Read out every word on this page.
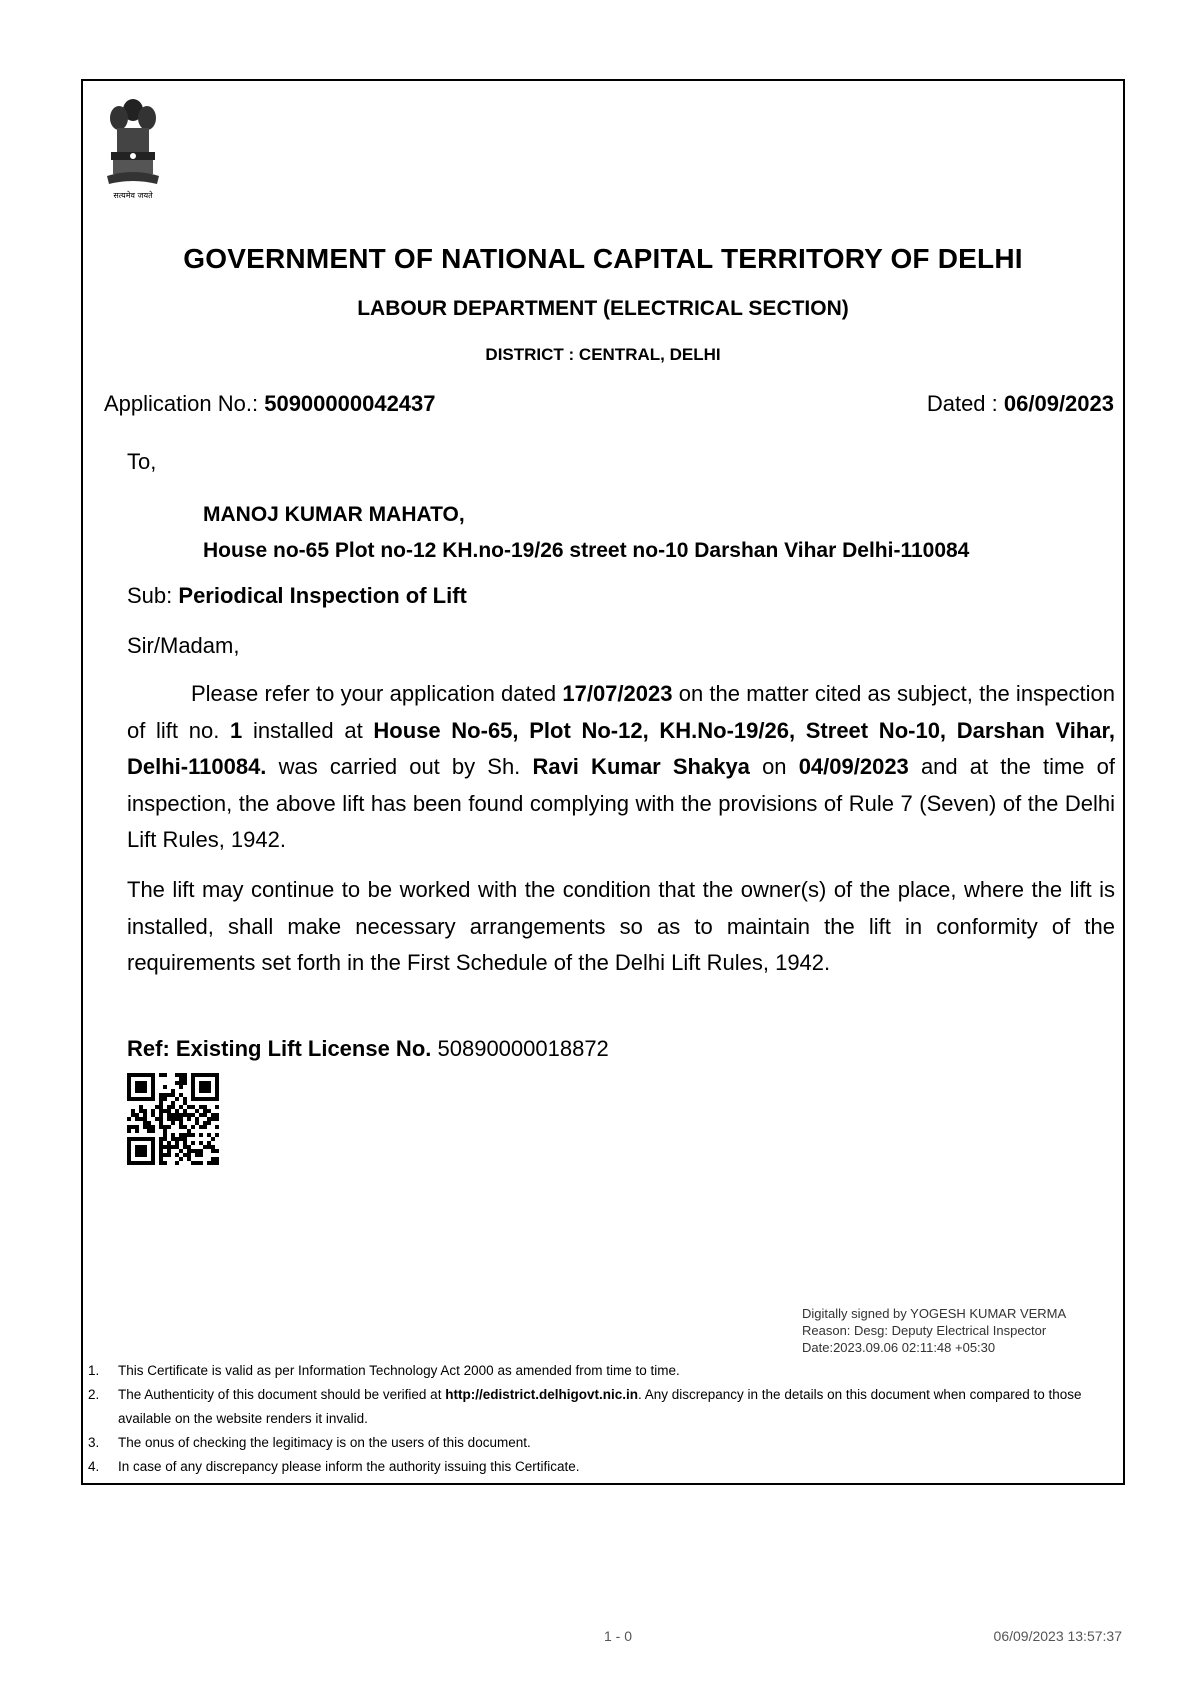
सत्यमेव जयते
GOVERNMENT OF NATIONAL CAPITAL TERRITORY OF DELHI
LABOUR DEPARTMENT (ELECTRICAL SECTION)
DISTRICT : CENTRAL, DELHI
Application No.: 50900000042437	Dated : 06/09/2023
To,
MANOJ KUMAR MAHATO,
House no-65 Plot no-12 KH.no-19/26 street no-10 Darshan Vihar Delhi-110084
Sub: Periodical Inspection of Lift
Sir/Madam,
Please refer to your application dated 17/07/2023 on the matter cited as subject, the inspection of lift no. 1 installed at House No-65, Plot No-12, KH.No-19/26, Street No-10, Darshan Vihar, Delhi-110084. was carried out by Sh. Ravi Kumar Shakya on 04/09/2023 and at the time of inspection, the above lift has been found complying with the provisions of Rule 7 (Seven) of the Delhi Lift Rules, 1942.
The lift may continue to be worked with the condition that the owner(s) of the place, where the lift is installed, shall make necessary arrangements so as to maintain the lift in conformity of the requirements set forth in the First Schedule of the Delhi Lift Rules, 1942.
Ref: Existing Lift License No. 50890000018872
Digitally signed by YOGESH KUMAR VERMA
Reason: Desg: Deputy Electrical Inspector
Date:2023.09.06 02:11:48 +05:30
1. This Certificate is valid as per Information Technology Act 2000 as amended from time to time.
2. The Authenticity of this document should be verified at http://edistrict.delhigovt.nic.in. Any discrepancy in the details on this document when compared to those available on the website renders it invalid.
3. The onus of checking the legitimacy is on the users of this document.
4. In case of any discrepancy please inform the authority issuing this Certificate.
1 - 0	06/09/2023 13:57:37
